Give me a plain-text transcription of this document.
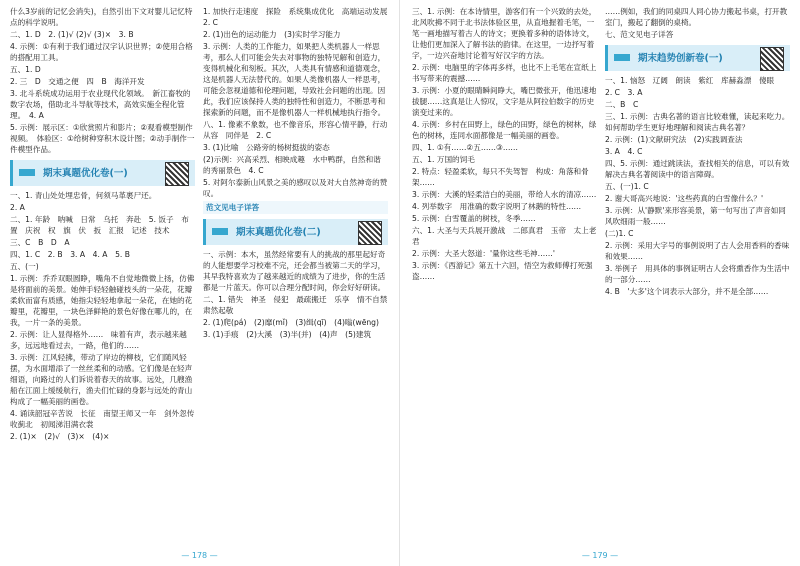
什么3岁前的记忆会消失)，自然引出下文对婴儿记忆特点的科学说明。
二、1. D　2. (1)√ (2)√ (3)×　3. B
4. 示例：①有利于我们通过汉字认识世界；②使用合格的搭配用工具。
五、1. D
2. 三　D　交通之便　四　B　海洋开发
3. 北斗系统成功运用于农业现代化领域。　新江畜牧的数字农场，借助北斗导航等技术，高效实施全程化管理。　4. A
5. 示例：展示区：①欣赏照片和影片；②观看模型制作视频。　体验区：①给树种穿积木设计图；②动手制作一件模型作品。
期末真题优化卷(一)
一、1. 青山处处埋忠骨，何须马革裹尸还。
2. A
二、1. 年龄　呐喊　日常　乌托　奔赴　5. 饭子　布置　庆祝　权　旗　伏　扳　汇报　记述　技术
三、C　B　D　A
四、1. C　2. B　3. A　4. A　5. B
五、(一)
1. 示例：乔乔双眼圆睁，嘴角不自觉地微微上扬，仿佛是将面前的美景。她伸手轻轻触碰枝头的一朵花，花瓣柔软而富有质感，她指尖轻轻地拿起一朵花，在她的花瓣里，花瓣里，一块色泽鲜艳的景色好像在哪儿的，在我，一片一条的美景。
2. 示例：让人显得格外……　味着有声，表示越来越多，远远地看过去，一路，他们的……
3. 示例：江风轻拂，带动了岸边的柳枝，它们随风轻摆，为水面增添了一丝丝柔和的动感。它们像是在轻声细语，向路过的人们诉说着春天的故事。远处，几艘渔船在江面上缓缓航行，渔夫们忙碌的身影与远处的青山构成了一幅美丽的画卷。
4. 诵读韶冠辛苦说　长征　南望王师又一年　剑外忽传收蓟北　初闻涕泪满衣裳
2. (1)×　(2)√　(3)×　(4)×
1. 加快行走速度　探险　系统集成优化　高端运动发展　2. C
2. (1)出色的运动能力　(3)实时学习能力
3. 示例：人类的工作能力，如果把人类机器人一样思考，那么人们可能会失去对事物的独特见解和创造力，变得机械化和刻板。其次，人类具有情感和道德观念，这是机器人无法替代的。如果人类像机器人一样思考，可能会忽视道德和伦理问题，导致社会问题的出现。因此，我们应该保持人类的独特性和创造力，不断思考和探索新的问题，而不是像机器人一样机械地执行指令。
八、1. 像素不象数，也不像音乐，形容心情平静，行动从容　同伴是　2. C
3. (1)比喻　公路旁的杨树挺拔的姿态
(2)示例：兴高采烈、相映成趣　水中鸭群，自然和谐的秀丽景色　4. C
5. 对阿尔泰新山风景之美的感叹以及对大自然神奇的赞叹。
范文见电子详答
期末真题优化卷(二)
一、示例：本木，虽然经常要有人的挑战的那里起好奇的人能想要学习校难不完，还会都当被第二天的学习，其早我特喜欢为了越来越近的成绩为了进步，你的生活都是一片蓝天。你可以合理分配时间，你会好好研读。
二、1. 错失　神圣　侵犯　最疏搬迁　乐享　情不自禁　肃然起敬
2. (1)爬(pá)　(2)靡(mǐ)　(3)缉(qī)　(4)嗡(wēng)
3. (1)手痕　(2)大溪　(3)半(并)　(4)声　(5)建筑
— 178 —
三、1. 示例：在本诗情里，游客们有一个兴致的去处，北风吹拂不同于北书法体验区里，从直地握着毛笔，一笔一画地描写着古人的诗文；更换着多种的语体诗文，让他们更加深入了解书法的韵律。在这里，一边抒写着字，一边兴奋地讨论着写好汉字的方法。
2. 示例：电脑里的字体再多样，也比不上毛笔在宣纸上书写带来的震撼……
3. 示例：小夏的眼睛瞬间睁大，嘴巴微张开，他迅速地拔腿……这真是让人惊叹，文字是从阿拉伯数字的历史演变过来的。
4. 示例：乡村在田野上，绿色的田野，绿色的树林，绿色的树林，连同水面都像是一幅美丽的画卷。
四、1. ①有……②五……③……
五、1. 万国的饲毛
2. 特点：轻盈柔软，每只不失驾智　构成：角落和骨架……
3. 示例：大溪的轻柔洁白的美丽，带给人水的清凉……
4. 列举数字　用准确的数字说明了林鹅的特性……
5. 示例：白雪覆盖的树枝，冬季……
六、1. 大圣与天兵展开激战　二郎真君　玉帝　太上老君
2. 示例：大圣大怒道：'量你这些毛神……'
3. 示例：《西游记》第五十六回，悟空为救师傅打死强盗……
……例如，我们的同桌四人同心协力搬起书桌，打开教室门，搬起了翻倒的桌椅。
七、范文见电子详答
期末趋势创新卷(一)
一、1. 恼怒　辽阔　朗读　紫红　库赫淼漂　傻眼
2. C　3. A
二、B　C
三、1. 示例：古典名著的语言比较难懂，读起来吃力。　如何帮助学生更好地理解和阅读古典名著？
2. 示例：(1)文献研究法　(2)实践调查法
3. A　4. C
四、5. 示例：通过跳读法，查找相关的信息，可以有效解决古典名著阅读中的语言障碍。
五、(一)1. C
2. 谢大哥高兴地说：'这些药真的白雪像什么？'
3. 示例：从'静默'来形容美景，第一句写出了声音如同风吹细雨一般……
(二)1. C
2. 示例：采用大字号的事例说明了古人会用香料的香味和效果……
3. 举例子　用具体的事例证明古人会将熏香作为生活中的一部分……
4. B　'大多'这个词表示大部分，并不是全部……
— 179 —
